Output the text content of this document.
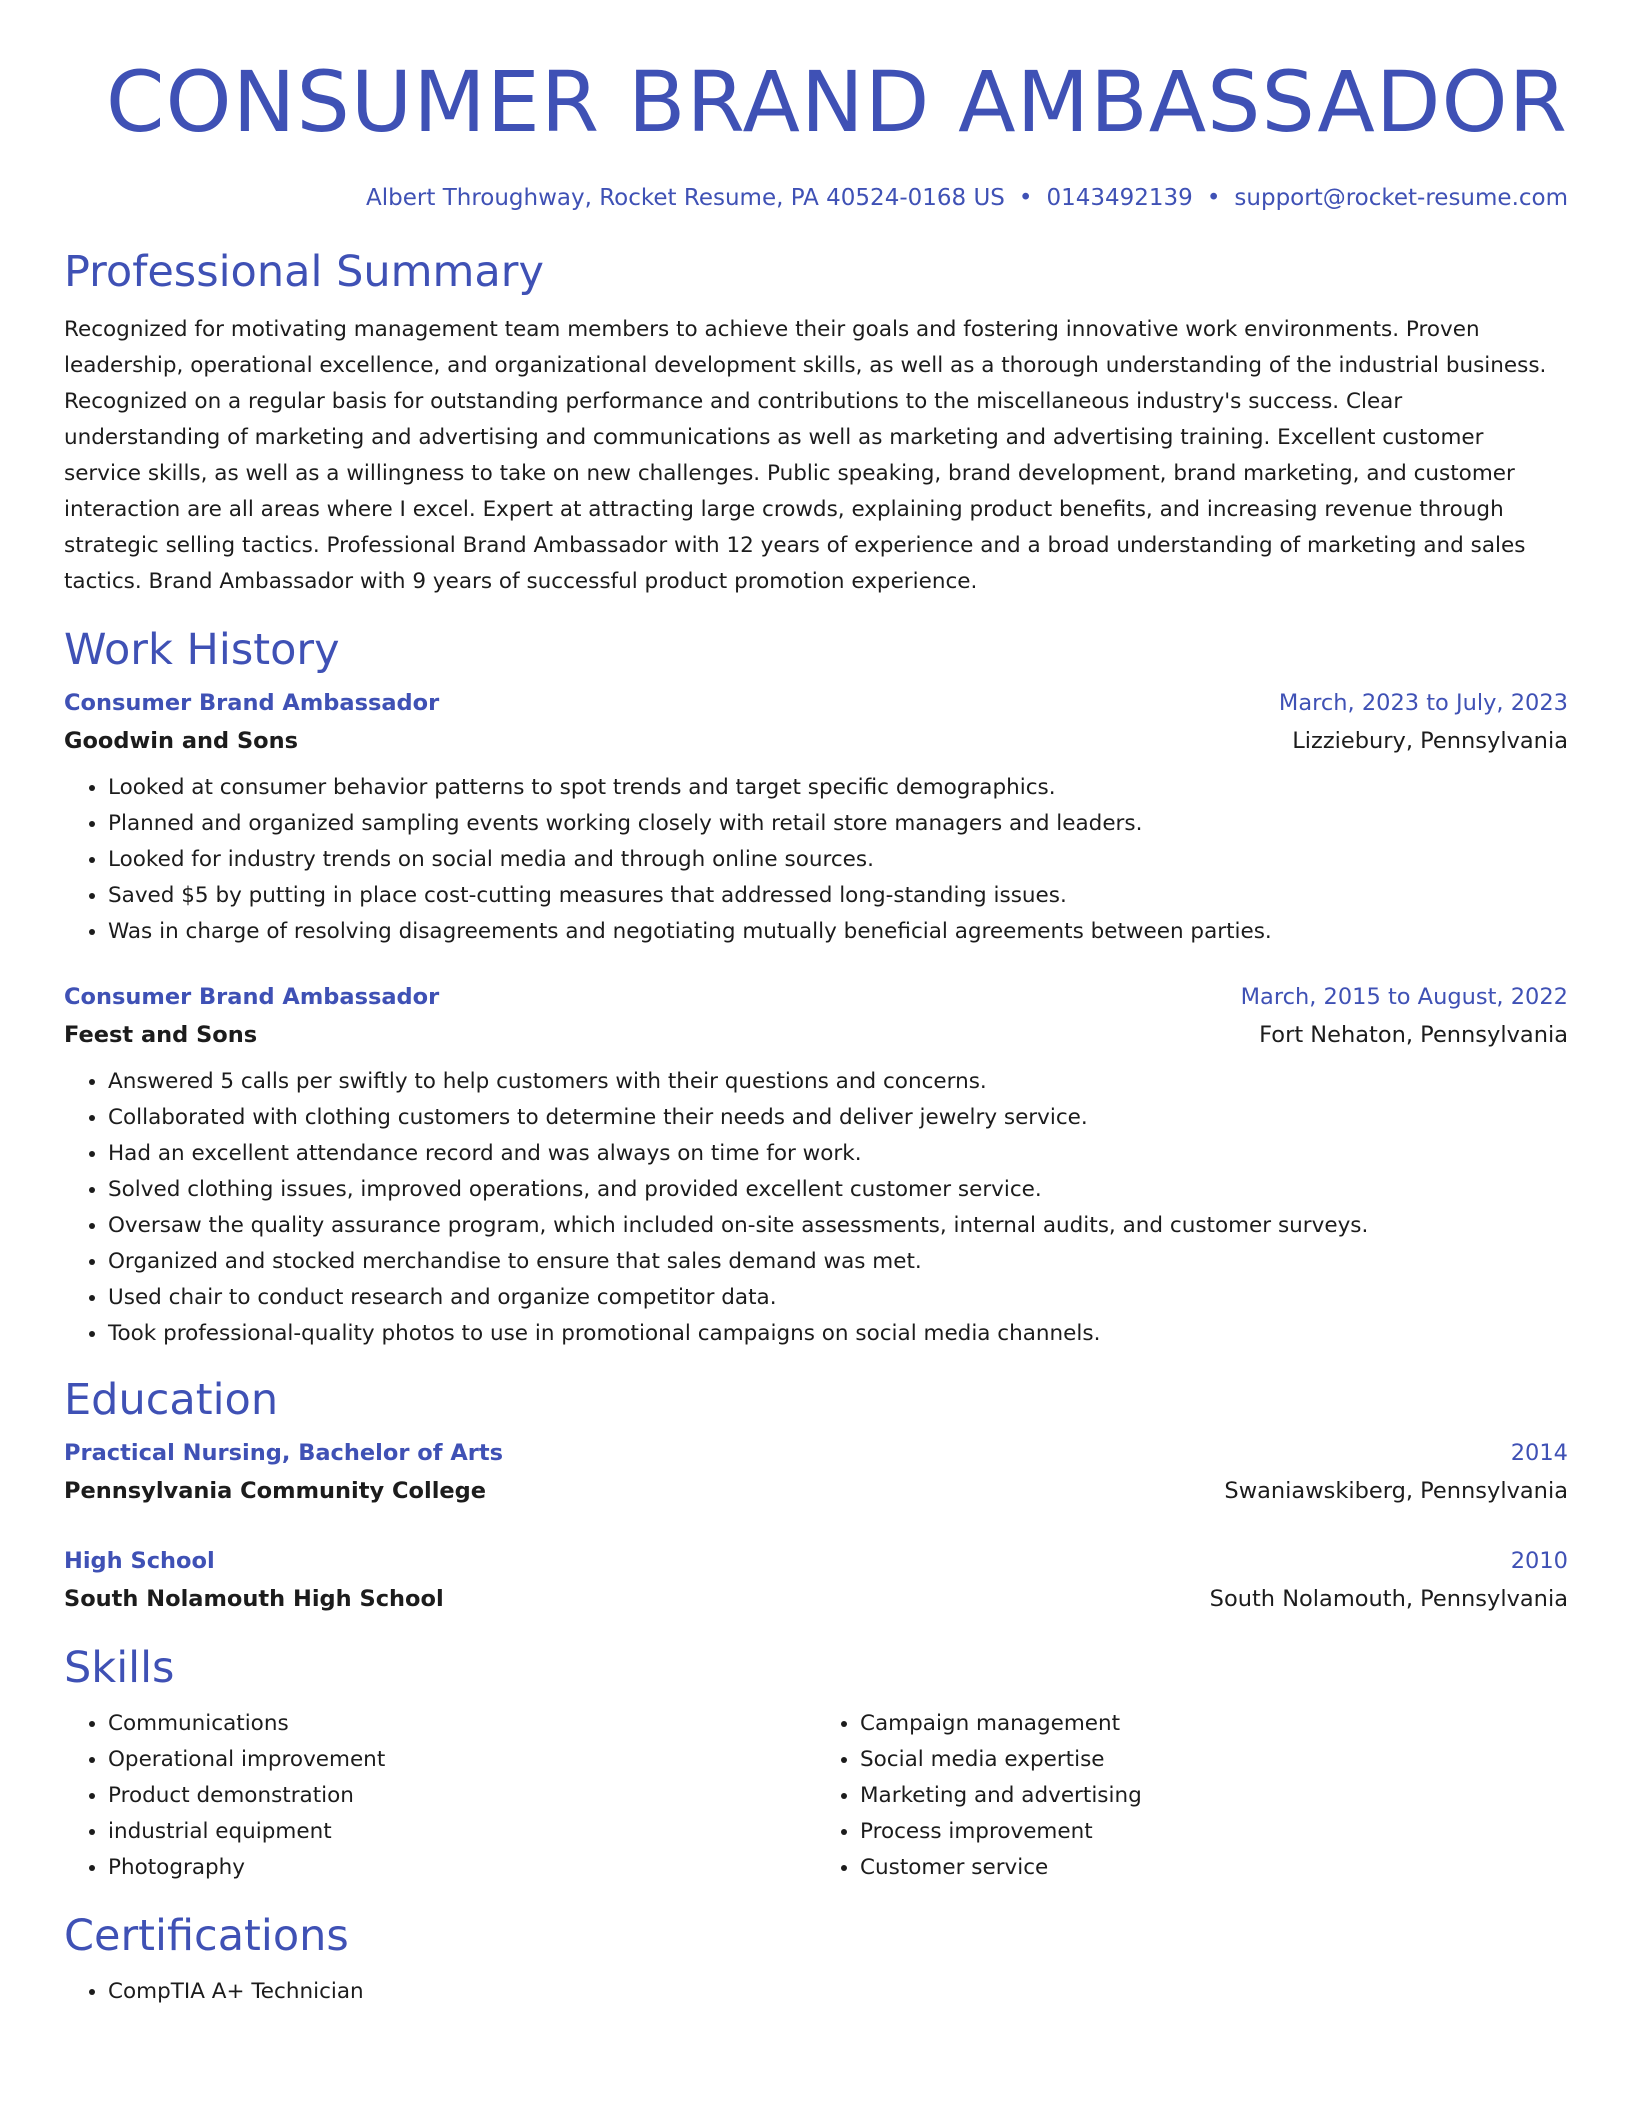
CONSUMER BRAND AMBASSADOR
Albert Throughway, Rocket Resume, PA 40524-0168 US • 0143492139 • support@rocket-resume.com
Professional Summary

Recognized for motivating management team members to achieve their goals and fostering innovative work environments. Proven leadership, operational excellence, and organizational development skills, as well as a thorough understanding of the industrial business. Recognized on a regular basis for outstanding performance and contributions to the miscellaneous industry's success. Clear understanding of marketing and advertising and communications as well as marketing and advertising training. Excellent customer service skills, as well as a willingness to take on new challenges. Public speaking, brand development, brand marketing, and customer interaction are all areas where I excel. Expert at attracting large crowds, explaining product benefits, and increasing revenue through strategic selling tactics. Professional Brand Ambassador with 12 years of experience and a broad understanding of marketing and sales tactics. Brand Ambassador with 9 years of successful product promotion experience.

Work History
Consumer Brand Ambassador	March, 2023 to July, 2023
Goodwin and Sons	Lizziebury, Pennsylvania
• Looked at consumer behavior patterns to spot trends and target specific demographics.
• Planned and organized sampling events working closely with retail store managers and leaders.
• Looked for industry trends on social media and through online sources.
• Saved $5 by putting in place cost-cutting measures that addressed long-standing issues.
• Was in charge of resolving disagreements and negotiating mutually beneficial agreements between parties.
Consumer Brand Ambassador	March, 2015 to August, 2022
Feest and Sons	Fort Nehaton, Pennsylvania
• Answered 5 calls per swiftly to help customers with their questions and concerns.
• Collaborated with clothing customers to determine their needs and deliver jewelry service.
• Had an excellent attendance record and was always on time for work.
• Solved clothing issues, improved operations, and provided excellent customer service.
• Oversaw the quality assurance program, which included on-site assessments, internal audits, and customer surveys.
• Organized and stocked merchandise to ensure that sales demand was met.
• Used chair to conduct research and organize competitor data.
• Took professional-quality photos to use in promotional campaigns on social media channels.
Education
Practical Nursing, Bachelor of Arts	2014
Pennsylvania Community College	Swaniawskiberg, Pennsylvania
High School	2010
South Nolamouth High School	South Nolamouth, Pennsylvania
Skills
• Communications
• Operational improvement
• Product demonstration
• industrial equipment
• Photography
• Campaign management
• Social media expertise
• Marketing and advertising
• Process improvement
• Customer service
Certifications
• CompTIA A+ Technician
